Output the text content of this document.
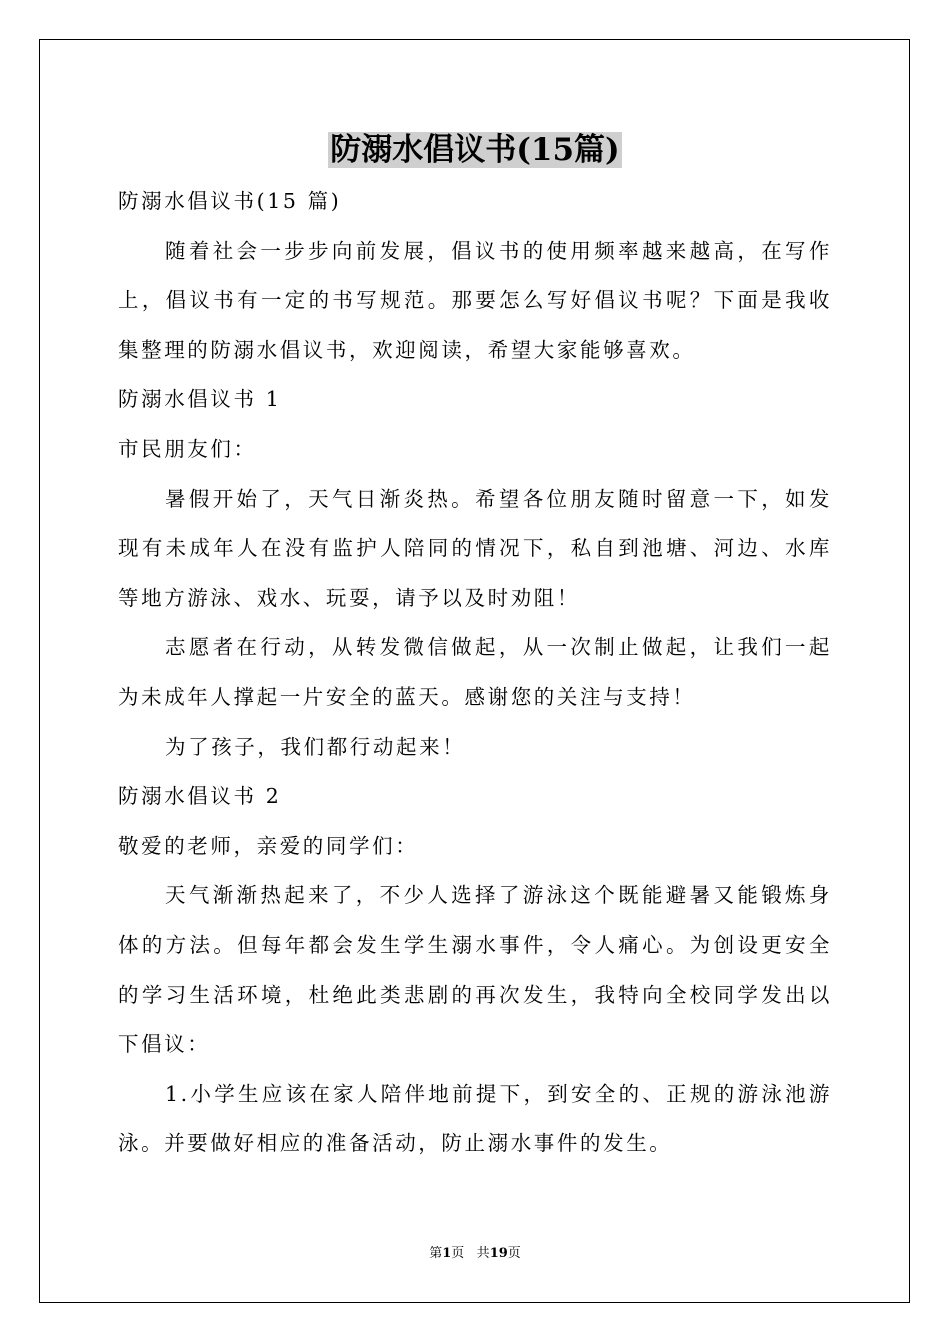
防溺水倡议书(15篇)
防溺水倡议书(15 篇)
随着社会一步步向前发展，倡议书的使用频率越来越高，在写作
上，倡议书有一定的书写规范。那要怎么写好倡议书呢？下面是我收
集整理的防溺水倡议书，欢迎阅读，希望大家能够喜欢。
防溺水倡议书 1
市民朋友们：
暑假开始了，天气日渐炎热。希望各位朋友随时留意一下，如发
现有未成年人在没有监护人陪同的情况下，私自到池塘、河边、水库
等地方游泳、戏水、玩耍，请予以及时劝阻！
志愿者在行动，从转发微信做起，从一次制止做起，让我们一起
为未成年人撑起一片安全的蓝天。感谢您的关注与支持！
为了孩子，我们都行动起来！
防溺水倡议书 2
敬爱的老师，亲爱的同学们：
天气渐渐热起来了，不少人选择了游泳这个既能避暑又能锻炼身
体的方法。但每年都会发生学生溺水事件，令人痛心。为创设更安全
的学习生活环境，杜绝此类悲剧的再次发生，我特向全校同学发出以
下倡议：
1.小学生应该在家人陪伴地前提下，到安全的、正规的游泳池游
泳。并要做好相应的准备活动，防止溺水事件的发生。
第1页 共19页
